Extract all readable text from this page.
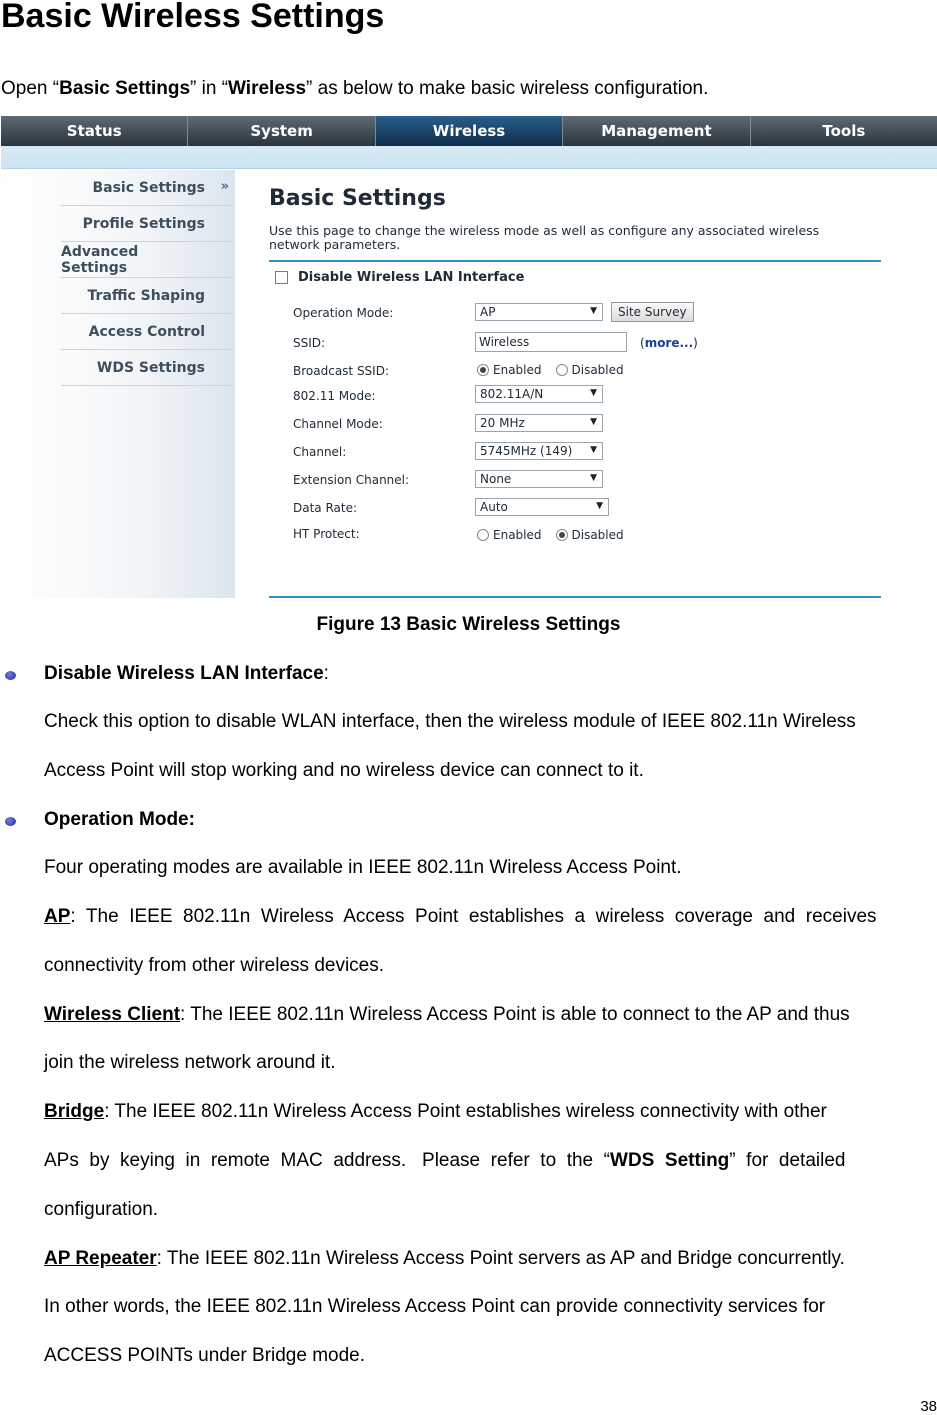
Basic Wireless Settings

Open “Basic Settings” in “Wireless” as below to make basic wireless configuration.

Status	System	Wireless	Management	Tools
Basic Settings »
Profile Settings
Advanced Settings
Traffic Shaping
Access Control
WDS Settings
Basic Settings
Use this page to change the wireless mode as well as configure any associated wireless network parameters.
Disable Wireless LAN Interface
Operation Mode:	AP	▼	Site Survey
SSID:	Wireless	(more...)
Broadcast SSID:	Enabled	Disabled
802.11 Mode:	802.11A/N	▼
Channel Mode:	20 MHz	▼
Channel:	5745MHz (149) ▼
Extension Channel:	None	▼
Data Rate:	Auto	▼
HT Protect:	Enabled	Disabled
Figure 13 Basic Wireless Settings

Disable Wireless LAN Interface:

Check this option to disable WLAN interface, then the wireless module of IEEE 802.11n Wireless

Access Point will stop working and no wireless device can connect to it.

Operation Mode:

Four operating modes are available in IEEE 802.11n Wireless Access Point.

AP:  The  IEEE  802.11n  Wireless  Access  Point  establishes  a  wireless  coverage  and  receives

connectivity from other wireless devices.

Wireless Client: The IEEE 802.11n Wireless Access Point is able to connect to the AP and thus

join the wireless network around it.

Bridge: The IEEE 802.11n Wireless Access Point establishes wireless connectivity with other

APs  by  keying  in  remote  MAC  address.   Please  refer  to  the  “WDS  Setting”  for  detailed

configuration.

AP Repeater: The IEEE 802.11n Wireless Access Point servers as AP and Bridge concurrently.

In other words, the IEEE 802.11n Wireless Access Point can provide connectivity services for

ACCESS POINTs under Bridge mode.

38
